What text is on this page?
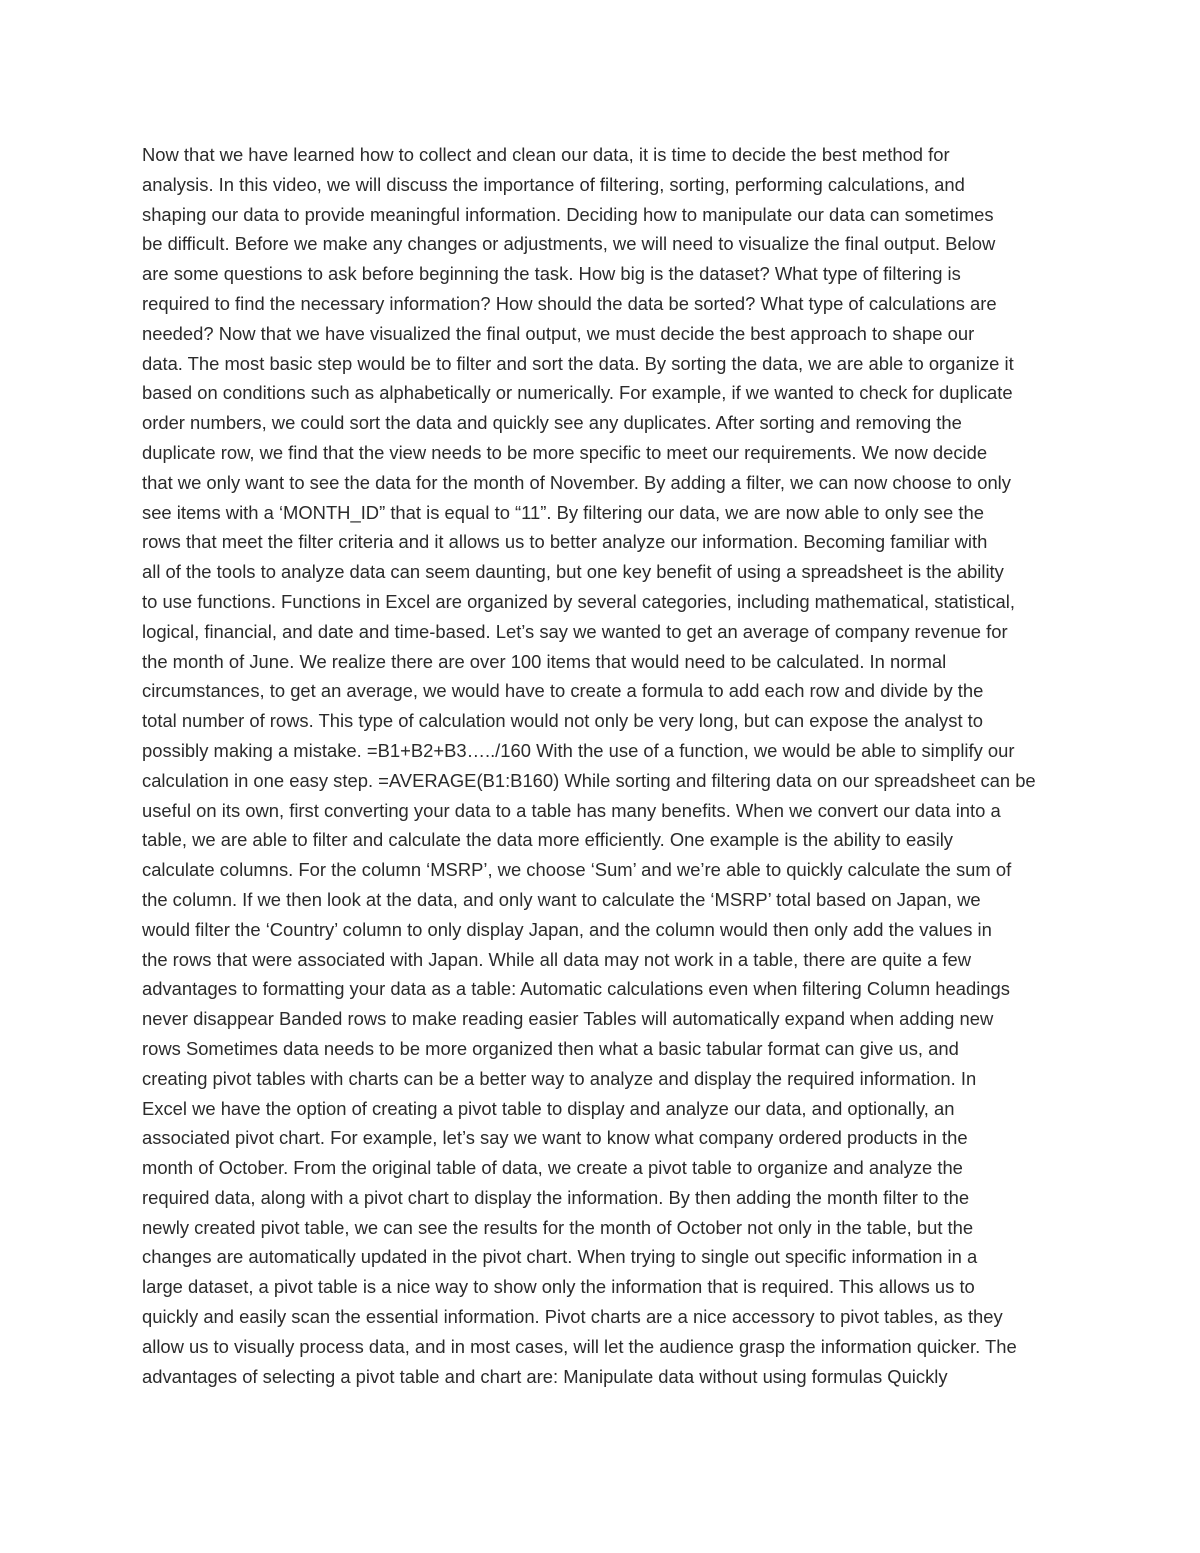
Now that we have learned how to collect and clean our data, it is time to decide the best method for
analysis. In this video, we will discuss the importance of filtering, sorting, performing calculations, and
shaping our data to provide meaningful information. Deciding how to manipulate our data can sometimes
be difficult. Before we make any changes or adjustments, we will need to visualize the final output. Below
are some questions to ask before beginning the task. How big is the dataset? What type of filtering is
required to find the necessary information? How should the data be sorted? What type of calculations are
needed? Now that we have visualized the final output, we must decide the best approach to shape our
data. The most basic step would be to filter and sort the data. By sorting the data, we are able to organize it
based on conditions such as alphabetically or numerically. For example, if we wanted to check for duplicate
order numbers, we could sort the data and quickly see any duplicates. After sorting and removing the
duplicate row, we find that the view needs to be more specific to meet our requirements. We now decide
that we only want to see the data for the month of November. By adding a filter, we can now choose to only
see items with a ‘MONTH_ID” that is equal to “11”. By filtering our data, we are now able to only see the
rows that meet the filter criteria and it allows us to better analyze our information. Becoming familiar with
all of the tools to analyze data can seem daunting, but one key benefit of using a spreadsheet is the ability
to use functions. Functions in Excel are organized by several categories, including mathematical, statistical,
logical, financial, and date and time-based. Let’s say we wanted to get an average of company revenue for
the month of June. We realize there are over 100 items that would need to be calculated. In normal
circumstances, to get an average, we would have to create a formula to add each row and divide by the
total number of rows. This type of calculation would not only be very long, but can expose the analyst to
possibly making a mistake. =B1+B2+B3…../160 With the use of a function, we would be able to simplify our
calculation in one easy step. =AVERAGE(B1:B160) While sorting and filtering data on our spreadsheet can be
useful on its own, first converting your data to a table has many benefits. When we convert our data into a
table, we are able to filter and calculate the data more efficiently. One example is the ability to easily
calculate columns. For the column ‘MSRP’, we choose ‘Sum’ and we’re able to quickly calculate the sum of
the column. If we then look at the data, and only want to calculate the ‘MSRP’ total based on Japan, we
would filter the ‘Country’ column to only display Japan, and the column would then only add the values in
the rows that were associated with Japan. While all data may not work in a table, there are quite a few
advantages to formatting your data as a table: Automatic calculations even when filtering Column headings
never disappear Banded rows to make reading easier Tables will automatically expand when adding new
rows Sometimes data needs to be more organized then what a basic tabular format can give us, and
creating pivot tables with charts can be a better way to analyze and display the required information. In
Excel we have the option of creating a pivot table to display and analyze our data, and optionally, an
associated pivot chart. For example, let’s say we want to know what company ordered products in the
month of October. From the original table of data, we create a pivot table to organize and analyze the
required data, along with a pivot chart to display the information. By then adding the month filter to the
newly created pivot table, we can see the results for the month of October not only in the table, but the
changes are automatically updated in the pivot chart. When trying to single out specific information in a
large dataset, a pivot table is a nice way to show only the information that is required. This allows us to
quickly and easily scan the essential information. Pivot charts are a nice accessory to pivot tables, as they
allow us to visually process data, and in most cases, will let the audience grasp the information quicker. The
advantages of selecting a pivot table and chart are: Manipulate data without using formulas Quickly
